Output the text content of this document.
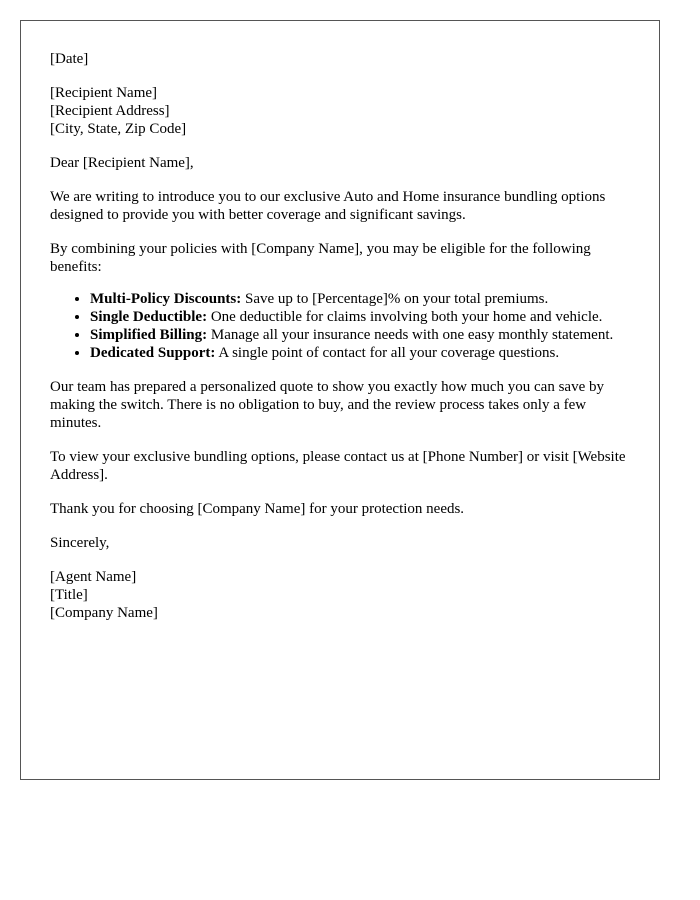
[Date]

[Recipient Name]
[Recipient Address]
[City, State, Zip Code]

Dear [Recipient Name],

We are writing to introduce you to our exclusive Auto and Home insurance bundling options designed to provide you with better coverage and significant savings.

By combining your policies with [Company Name], you may be eligible for the following benefits:

• Multi-Policy Discounts: Save up to [Percentage]% on your total premiums.
• Single Deductible: One deductible for claims involving both your home and vehicle.
• Simplified Billing: Manage all your insurance needs with one easy monthly statement.
• Dedicated Support: A single point of contact for all your coverage questions.

Our team has prepared a personalized quote to show you exactly how much you can save by making the switch. There is no obligation to buy, and the review process takes only a few minutes.

To view your exclusive bundling options, please contact us at [Phone Number] or visit [Website Address].

Thank you for choosing [Company Name] for your protection needs.

Sincerely,

[Agent Name]
[Title]
[Company Name]
